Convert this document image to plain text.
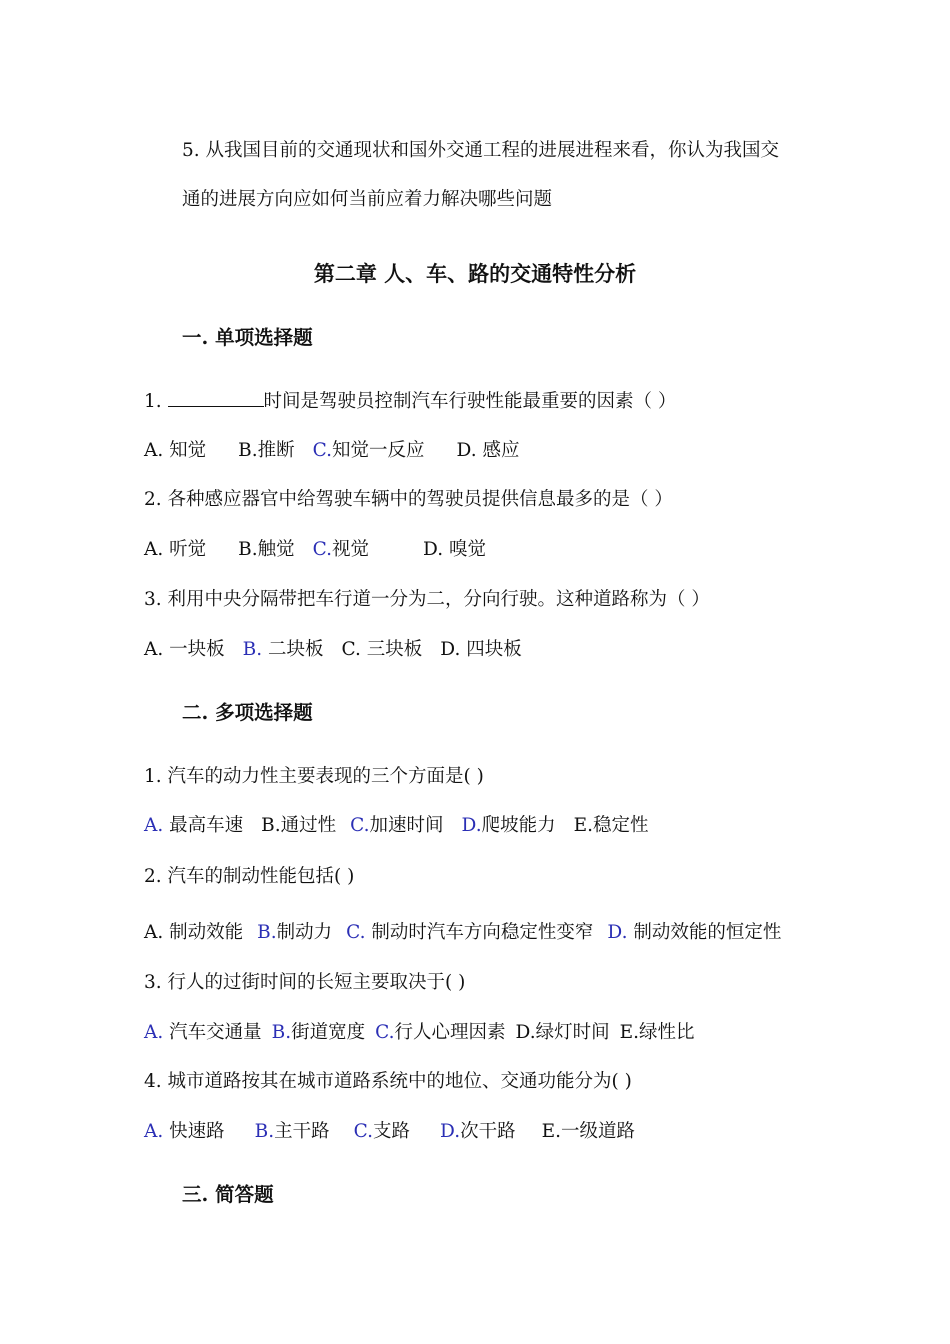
5. 从我国目前的交通现状和国外交通工程的进展进程来看，你认为我国交
通的进展方向应如何当前应着力解决哪些问题
第二章 人、车、路的交通特性分析
一. 单项选择题
1.	时间是驾驶员控制汽车行驶性能最重要的因素（ ）
A. 知觉 B.推断 C.知觉一反应 D. 感应
2. 各种感应器官中给驾驶车辆中的驾驶员提供信息最多的是（ ）
A. 听觉 B.触觉 C.视觉	D. 嗅觉
3. 利用中央分隔带把车行道一分为二，分向行驶。这种道路称为（ ）
A. 一块板 B. 二块板 C. 三块板 D. 四块板
二. 多项选择题
1. 汽车的动力性主要表现的三个方面是( )
A. 最高车速 B.通过性 C.加速时间 D.爬坡能力 E.稳定性
2. 汽车的制动性能包括( )
A. 制动效能 B.制动力 C. 制动时汽车方向稳定性变窄 D. 制动效能的恒定性
3. 行人的过街时间的长短主要取决于( )
A. 汽车交通量 B.街道宽度 C.行人心理因素 D.绿灯时间 E.绿性比
4. 城市道路按其在城市道路系统中的地位、交通功能分为( )
A. 快速路 B.主干路 C.支路 D.次干路 E.一级道路
三. 简答题
